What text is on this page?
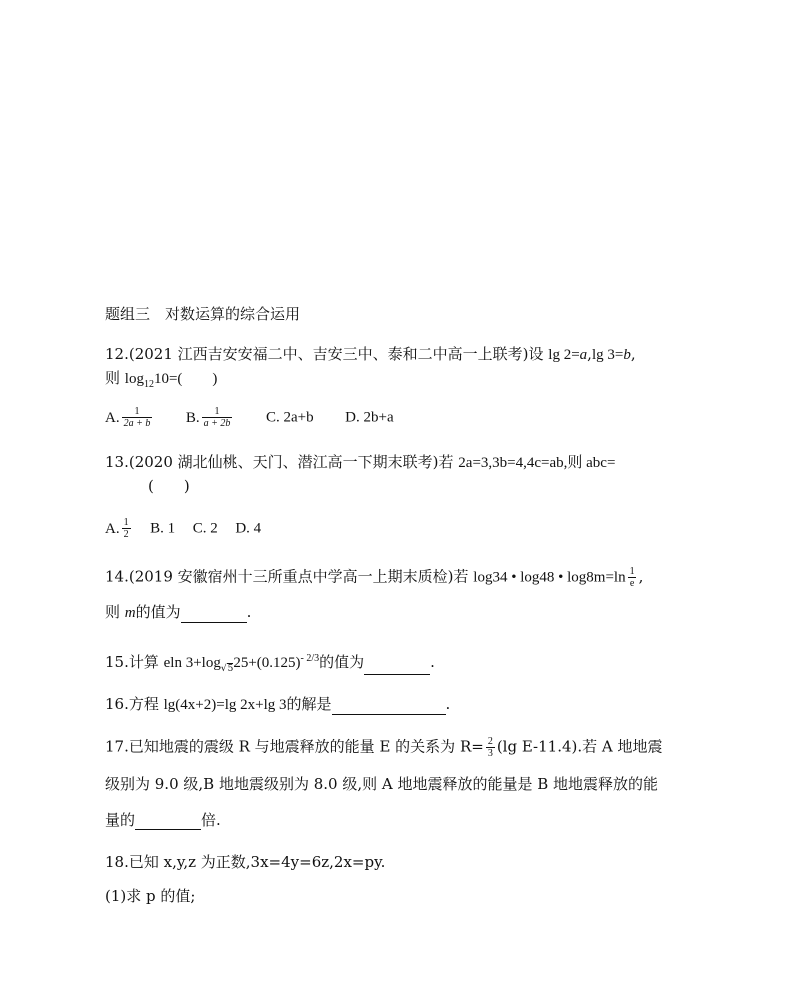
题组三　对数运算的综合运用
12.(2021 江西吉安安福二中、吉安三中、泰和二中高一上联考)设 lg 2=a,lg 3=b,
则 $\log_{12}10=$(　　)
A. $\frac{1}{2a + b} B$. $\frac{1}{a + 2b} C$. 2a+b D. 2b+a
13.(2020 湖北仙桃、天门、潜江高一下期末联考)若 2a=3,3b=4,4c=ab,则 abc=
(　　)
A. $\frac{1}{2} B$. 1 C. 2 D. 4
14.(2019 安徽宿州十三所重点中学高一上期末质检)若 log34 • log48 • $\log 8m=\ln \frac{1}{e}$ ,
则 m的值为	.
15.计算 eln $3+\log√525+(0.125)^{- 2/3}$的值为	.
16.方程 lg(4x+2)=lg 2x+lg 3的解是	.
17.已知地震的震级 R 与地震释放的能量 E 的关系为 $R= \frac{2}{3} (\lg$ E-11.4).若 A 地地震
级别为 9.0 级,B 地地震级别为 8.0 级,则 A 地地震释放的能量是 B 地地震释放的能
量的	倍.
18.已知 x,y,z 为正数,3x=4y=6z,2x=py.
(1)求 p 的值;
